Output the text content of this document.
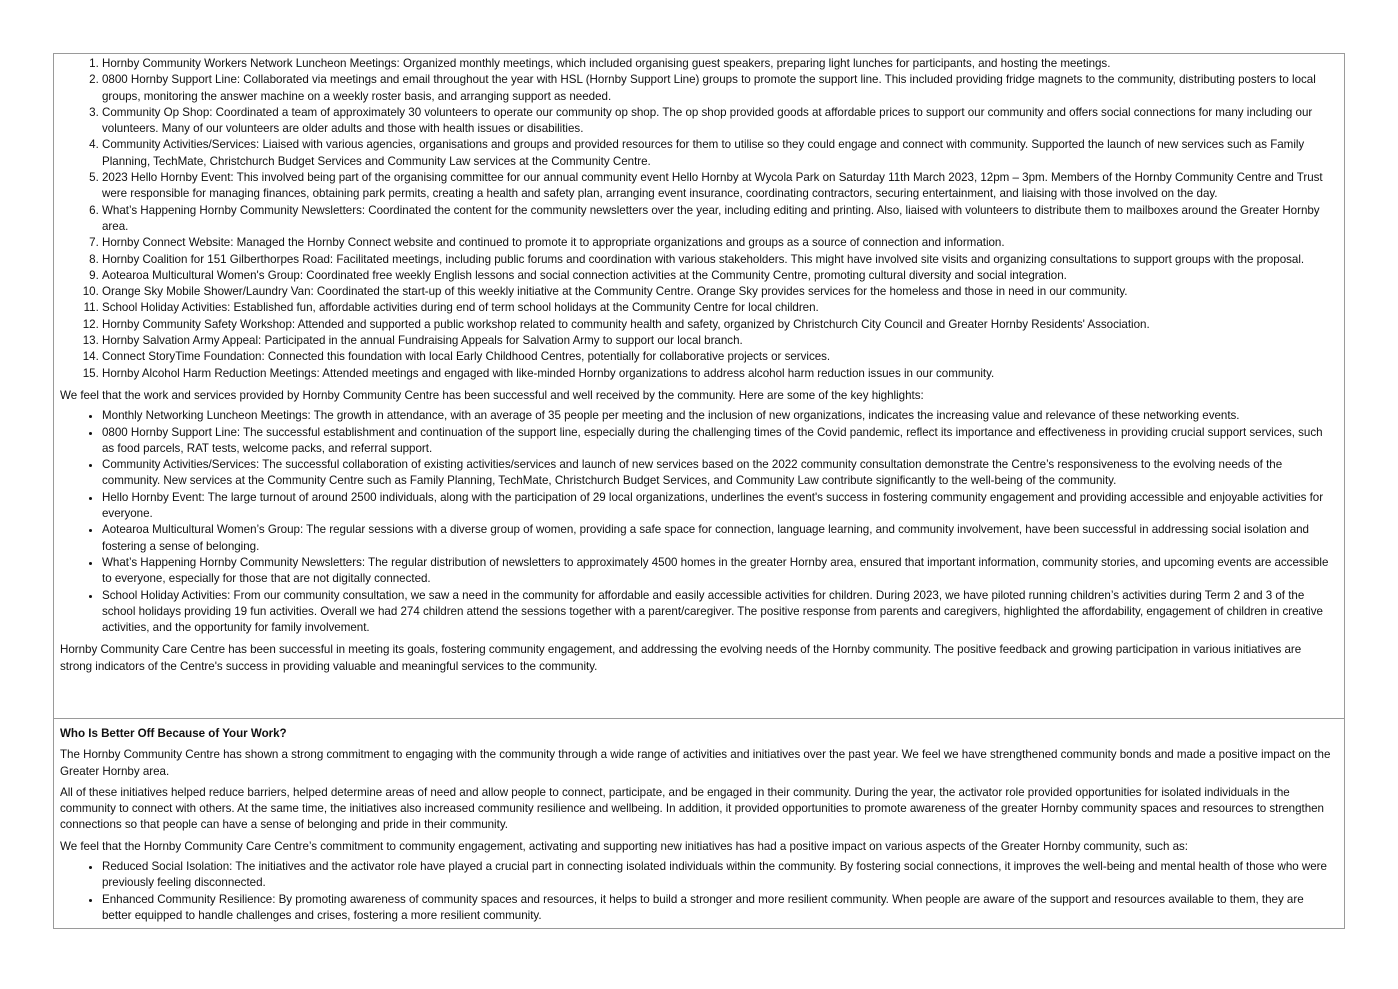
1. Hornby Community Workers Network Luncheon Meetings: Organized monthly meetings, which included organising guest speakers, preparing light lunches for participants, and hosting the meetings.
2. 0800 Hornby Support Line: Collaborated via meetings and email throughout the year with HSL (Hornby Support Line) groups to promote the support line. This included providing fridge magnets to the community, distributing posters to local groups, monitoring the answer machine on a weekly roster basis, and arranging support as needed.
3. Community Op Shop: Coordinated a team of approximately 30 volunteers to operate our community op shop. The op shop provided goods at affordable prices to support our community and offers social connections for many including our volunteers. Many of our volunteers are older adults and those with health issues or disabilities.
4. Community Activities/Services: Liaised with various agencies, organisations and groups and provided resources for them to utilise so they could engage and connect with community. Supported the launch of new services such as Family Planning, TechMate, Christchurch Budget Services and Community Law services at the Community Centre.
5. 2023 Hello Hornby Event: This involved being part of the organising committee for our annual community event Hello Hornby at Wycola Park on Saturday 11th March 2023, 12pm – 3pm. Members of the Hornby Community Centre and Trust were responsible for managing finances, obtaining park permits, creating a health and safety plan, arranging event insurance, coordinating contractors, securing entertainment, and liaising with those involved on the day.
6. What’s Happening Hornby Community Newsletters: Coordinated the content for the community newsletters over the year, including editing and printing. Also, liaised with volunteers to distribute them to mailboxes around the Greater Hornby area.
7. Hornby Connect Website: Managed the Hornby Connect website and continued to promote it to appropriate organizations and groups as a source of connection and information.
8. Hornby Coalition for 151 Gilberthorpes Road: Facilitated meetings, including public forums and coordination with various stakeholders. This might have involved site visits and organizing consultations to support groups with the proposal.
9. Aotearoa Multicultural Women's Group: Coordinated free weekly English lessons and social connection activities at the Community Centre, promoting cultural diversity and social integration.
10. Orange Sky Mobile Shower/Laundry Van: Coordinated the start-up of this weekly initiative at the Community Centre. Orange Sky provides services for the homeless and those in need in our community.
11. School Holiday Activities: Established fun, affordable activities during end of term school holidays at the Community Centre for local children.
12. Hornby Community Safety Workshop: Attended and supported a public workshop related to community health and safety, organized by Christchurch City Council and Greater Hornby Residents' Association.
13. Hornby Salvation Army Appeal: Participated in the annual Fundraising Appeals for Salvation Army to support our local branch.
14. Connect StoryTime Foundation: Connected this foundation with local Early Childhood Centres, potentially for collaborative projects or services.
15. Hornby Alcohol Harm Reduction Meetings: Attended meetings and engaged with like-minded Hornby organizations to address alcohol harm reduction issues in our community.

We feel that the work and services provided by Hornby Community Centre has been successful and well received by the community. Here are some of the key highlights:

• Monthly Networking Luncheon Meetings: The growth in attendance, with an average of 35 people per meeting and the inclusion of new organizations, indicates the increasing value and relevance of these networking events.
• 0800 Hornby Support Line: The successful establishment and continuation of the support line, especially during the challenging times of the Covid pandemic, reflect its importance and effectiveness in providing crucial support services, such as food parcels, RAT tests, welcome packs, and referral support.
• Community Activities/Services: The successful collaboration of existing activities/services and launch of new services based on the 2022 community consultation demonstrate the Centre’s responsiveness to the evolving needs of the community. New services at the Community Centre such as Family Planning, TechMate, Christchurch Budget Services, and Community Law contribute significantly to the well-being of the community.
• Hello Hornby Event: The large turnout of around 2500 individuals, along with the participation of 29 local organizations, underlines the event's success in fostering community engagement and providing accessible and enjoyable activities for everyone.
• Aotearoa Multicultural Women’s Group: The regular sessions with a diverse group of women, providing a safe space for connection, language learning, and community involvement, have been successful in addressing social isolation and fostering a sense of belonging.
• What’s Happening Hornby Community Newsletters: The regular distribution of newsletters to approximately 4500 homes in the greater Hornby area, ensured that important information, community stories, and upcoming events are accessible to everyone, especially for those that are not digitally connected.
• School Holiday Activities: From our community consultation, we saw a need in the community for affordable and easily accessible activities for children. During 2023, we have piloted running children’s activities during Term 2 and 3 of the school holidays providing 19 fun activities. Overall we had 274 children attend the sessions together with a parent/caregiver. The positive response from parents and caregivers, highlighted the affordability, engagement of children in creative activities, and the opportunity for family involvement.

Hornby Community Care Centre has been successful in meeting its goals, fostering community engagement, and addressing the evolving needs of the Hornby community. The positive feedback and growing participation in various initiatives are strong indicators of the Centre's success in providing valuable and meaningful services to the community.

Who Is Better Off Because of Your Work?

The Hornby Community Centre has shown a strong commitment to engaging with the community through a wide range of activities and initiatives over the past year. We feel we have strengthened community bonds and made a positive impact on the Greater Hornby area.

All of these initiatives helped reduce barriers, helped determine areas of need and allow people to connect, participate, and be engaged in their community. During the year, the activator role provided opportunities for isolated individuals in the community to connect with others. At the same time, the initiatives also increased community resilience and wellbeing. In addition, it provided opportunities to promote awareness of the greater Hornby community spaces and resources to strengthen connections so that people can have a sense of belonging and pride in their community.

We feel that the Hornby Community Care Centre’s commitment to community engagement, activating and supporting new initiatives has had a positive impact on various aspects of the Greater Hornby community, such as:

• Reduced Social Isolation: The initiatives and the activator role have played a crucial part in connecting isolated individuals within the community. By fostering social connections, it improves the well-being and mental health of those who were previously feeling disconnected.
• Enhanced Community Resilience: By promoting awareness of community spaces and resources, it helps to build a stronger and more resilient community. When people are aware of the support and resources available to them, they are better equipped to handle challenges and crises, fostering a more resilient community.
